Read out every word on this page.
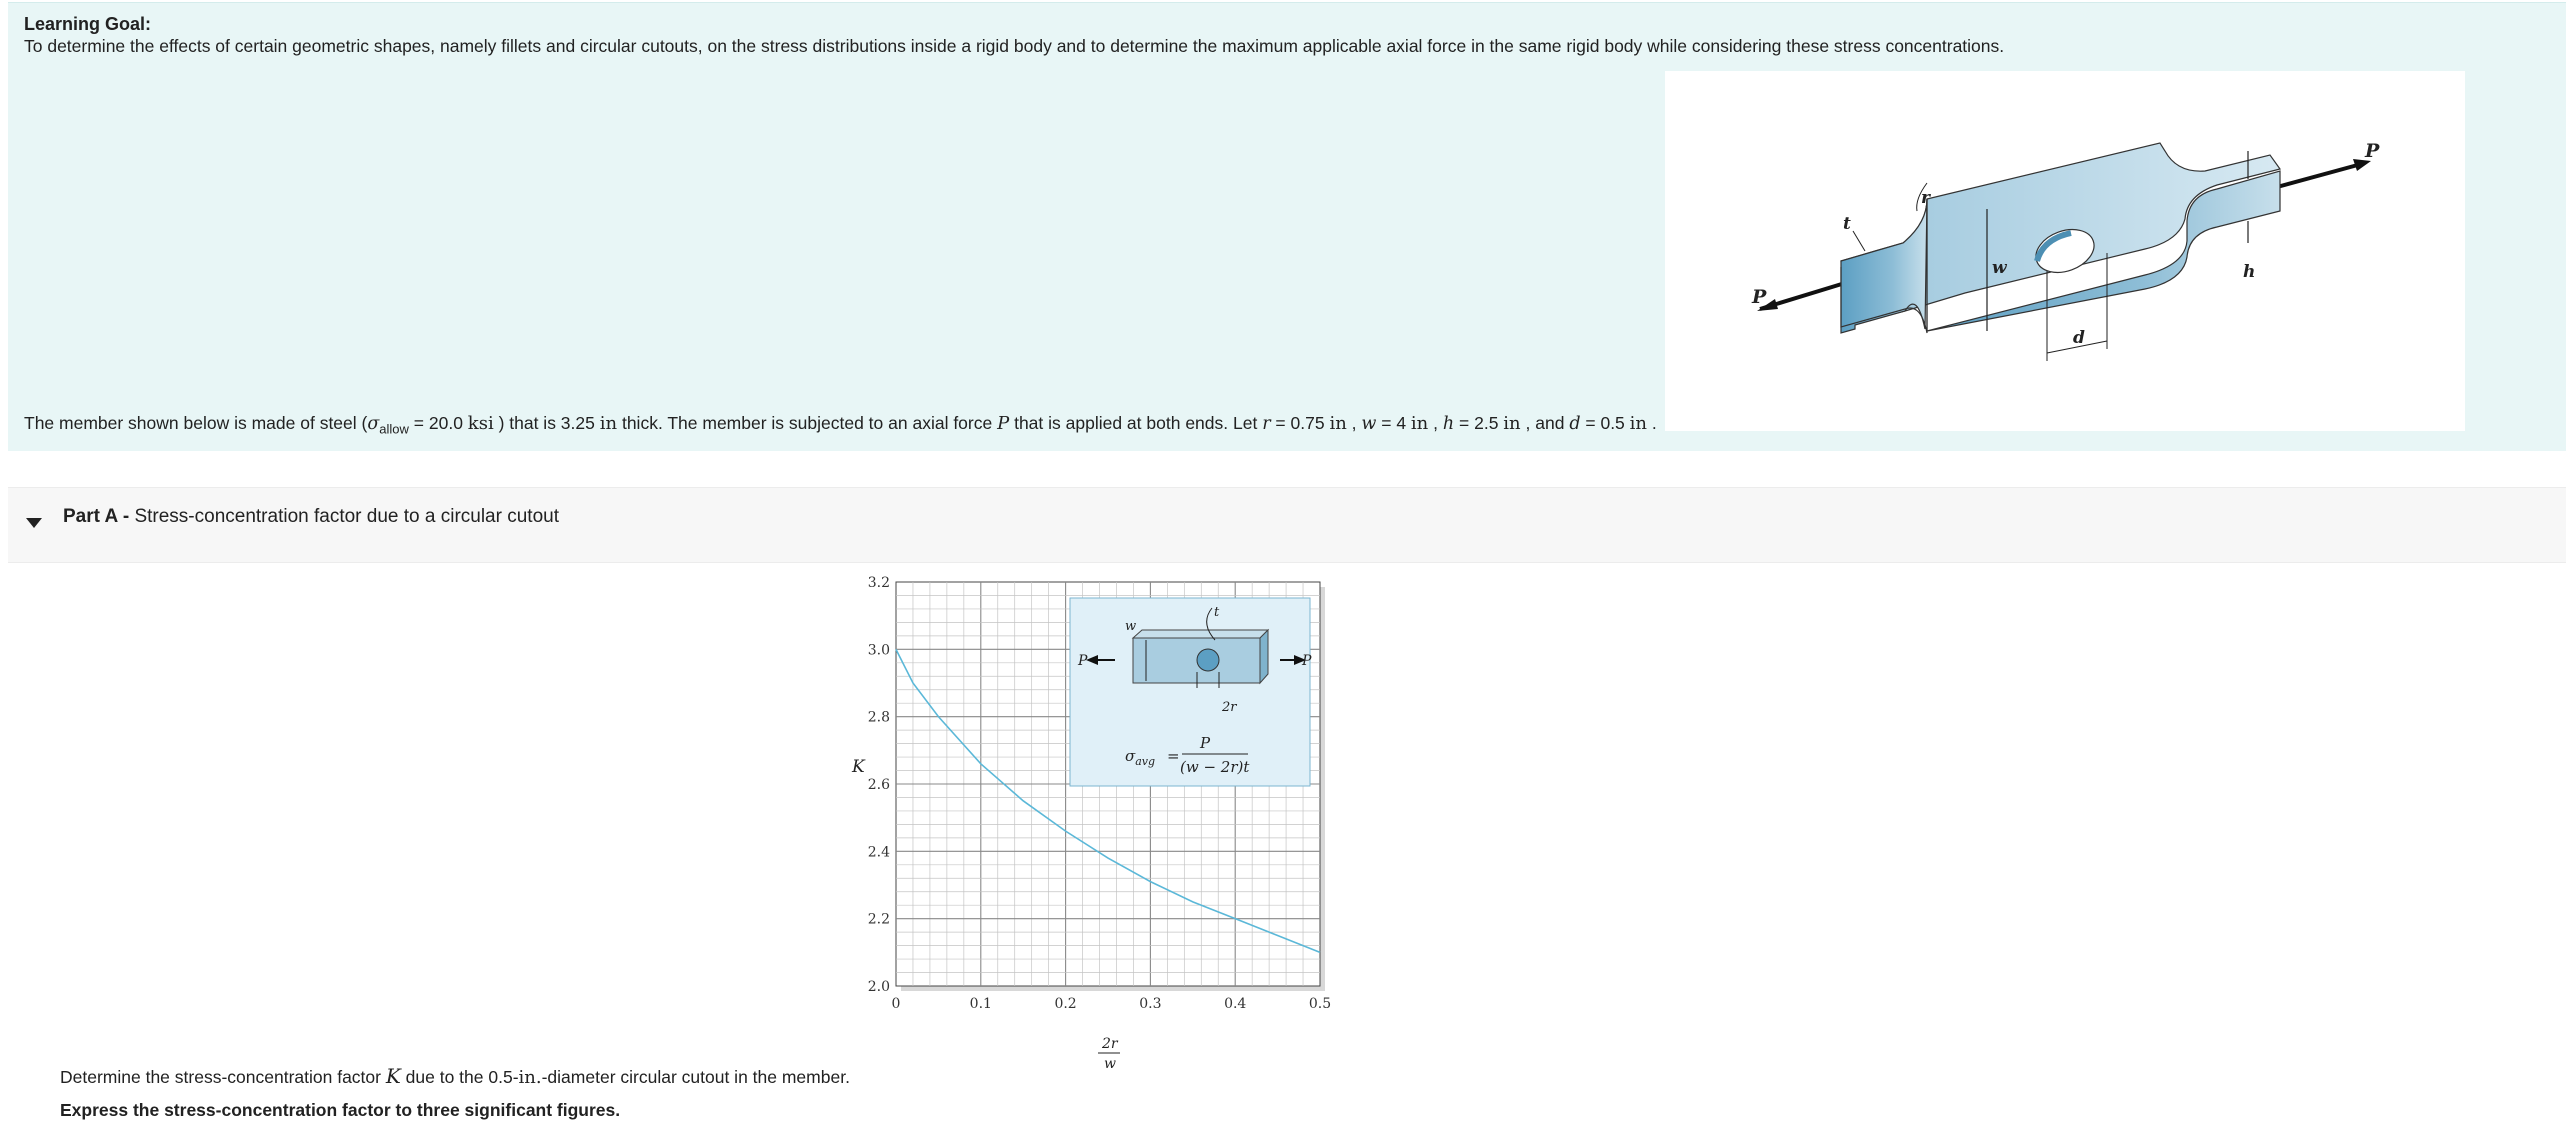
Learning Goal:
To determine the effects of certain geometric shapes, namely fillets and circular cutouts, on the stress distributions inside a rigid body and to determine the maximum applicable axial force in the same rigid body while considering these stress concentrations.
The member shown below is made of steel ($\sigma_{allow} = 20.0$ ksi ) that is 3.25 in thick. The member is subjected to an axial force P that is applied at both ends. Let r = 0.75 in , w = 4 in , h = 2.5 in , and d = 0.5 in .
w
d
h
t
r
P
P
Part A - Stress-concentration factor due to a circular cutout
0	0.1	0.2	0.3	0.4	0.5
2.0
2.2
2.4
2.6
2.8
3.0
3.2
P	P
w
t
2r
$\sigma_{avg}$ =
P
(w − 2r)t
K
2r
w
Determine the stress-concentration factor K due to the 0.5-in.-diameter circular cutout in the member.
Express the stress-concentration factor to three significant figures.
